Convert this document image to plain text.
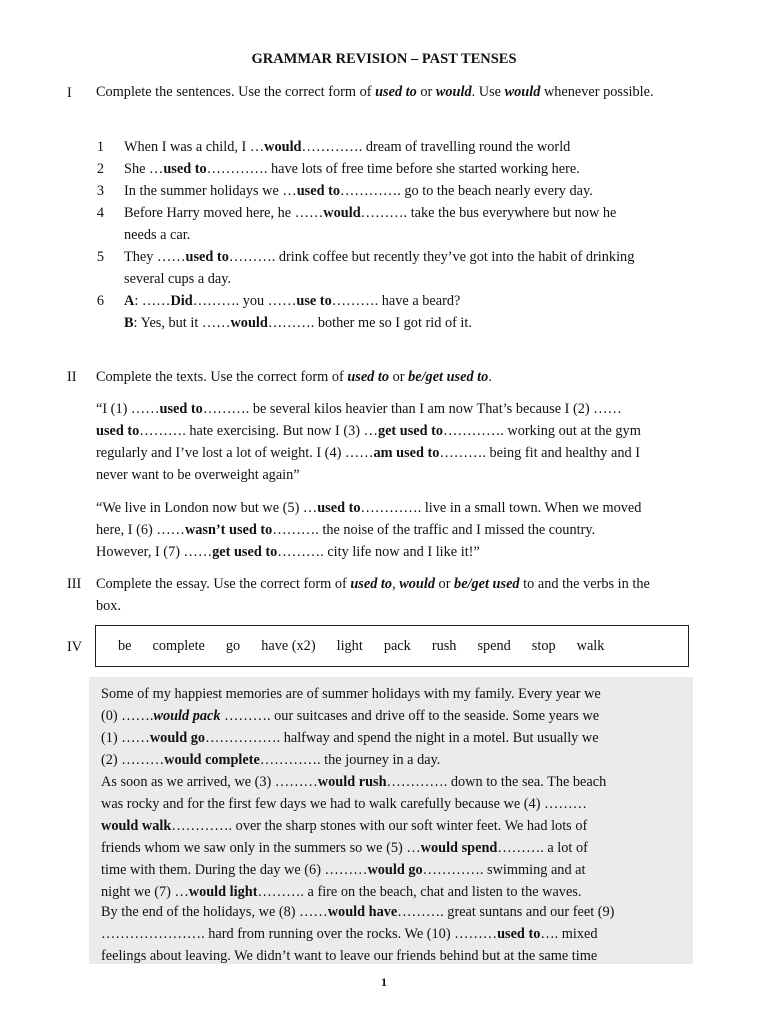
GRAMMAR REVISION – PAST TENSES
I Complete the sentences. Use the correct form of used to or would. Use would whenever possible.
1 When I was a child, I …would…………. dream of travelling round the world
2 She …used to…………. have lots of free time before she started working here.
3 In the summer holidays we …used to…………. go to the beach nearly every day.
4 Before Harry moved here, he ……would………. take the bus everywhere but now he
needs a car.
5 They ……used to………. drink coffee but recently they’ve got into the habit of drinking
several cups a day.
6 A: ……Did………. you ……use to………. have a beard?
B: Yes, but it ……would………. bother me so I got rid of it.
II Complete the texts. Use the correct form of used to or be/get used to.
“I (1) ……used to………. be several kilos heavier than I am now That’s because I (2) ……
used to………. hate exercising. But now I (3) …get used to…………. working out at the gym
regularly and I’ve lost a lot of weight. I (4) ……am used to………. being fit and healthy and I
never want to be overweight again”
“We live in London now but we (5) …used to…………. live in a small town. When we moved
here, I (6) ……wasn’t used to………. the noise of the traffic and I missed the country.
However, I (7) ……get used to………. city life now and I like it!”
III Complete the essay. Use the correct form of used to, would or be/get used to and the verbs in the box.
IV	be complete go have (x2) light pack rush spend stop walk
Some of my happiest memories are of summer holidays with my family. Every year we
(0) …….would pack ………. our suitcases and drive off to the seaside. Some years we
(1) ……would go……………. halfway and spend the night in a motel. But usually we
(2) ………would complete…………. the journey in a day.
As soon as we arrived, we (3) ………would rush…………. down to the sea. The beach
was rocky and for the first few days we had to walk carefully because we (4) ………
would walk…………. over the sharp stones with our soft winter feet. We had lots of
friends whom we saw only in the summers so we (5) …would spend………. a lot of
time with them. During the day we (6) ………would go…………. swimming and at
night we (7) …would light………. a fire on the beach, chat and listen to the waves.
By the end of the holidays, we (8) ……would have………. great suntans and our feet (9)
…………………. hard from running over the rocks. We (10) ………used to…. mixed
feelings about leaving. We didn’t want to leave our friends behind but at the same time
1
